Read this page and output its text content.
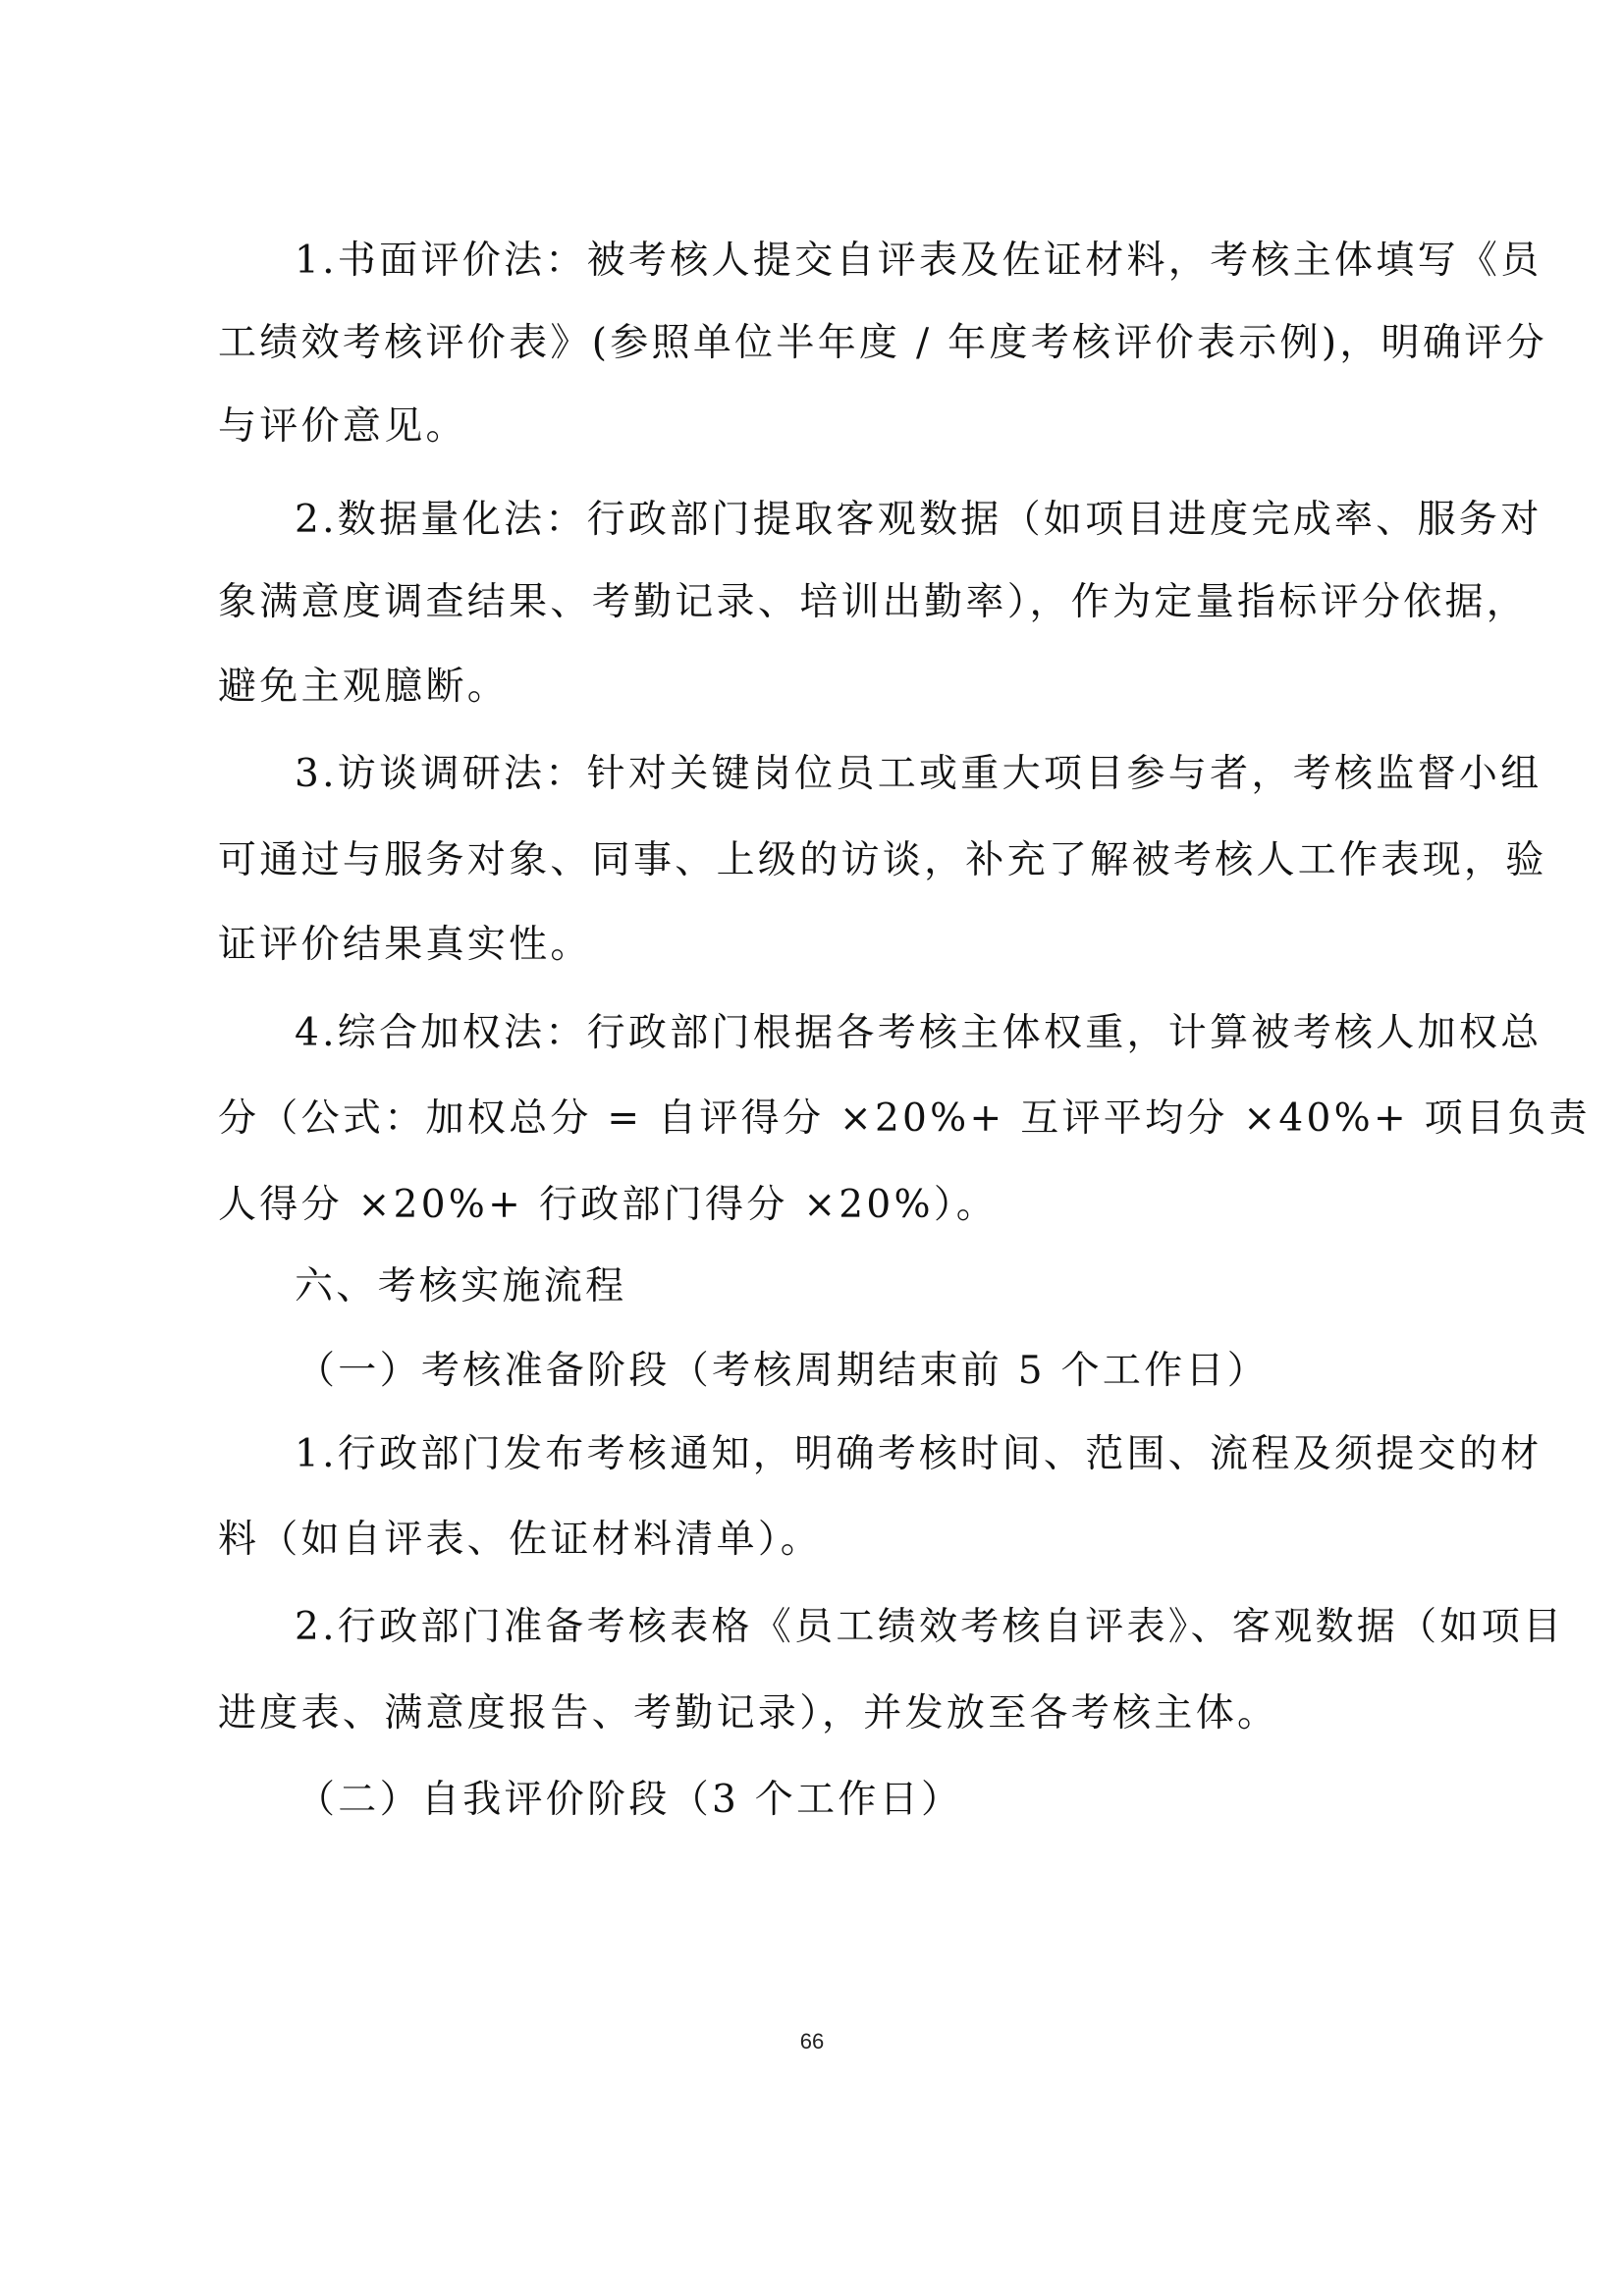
1.书面评价法：被考核人提交自评表及佐证材料，考核主体填写《员
工绩效考核评价表》(参照单位半年度 / 年度考核评价表示例)，明确评分
与评价意见。
2.数据量化法：行政部门提取客观数据（如项目进度完成率、服务对
象满意度调查结果、考勤记录、培训出勤率），作为定量指标评分依据，
避免主观臆断。
3.访谈调研法：针对关键岗位员工或重大项目参与者，考核监督小组
可通过与服务对象、同事、上级的访谈，补充了解被考核人工作表现，验
证评价结果真实性。
4.综合加权法：行政部门根据各考核主体权重，计算被考核人加权总
分（公式：加权总分 = 自评得分 ×20%+ 互评平均分 ×40%+ 项目负责
人得分 ×20%+ 行政部门得分 ×20%）。
六、考核实施流程
（一）考核准备阶段（考核周期结束前 5 个工作日）
1.行政部门发布考核通知，明确考核时间、范围、流程及须提交的材
料（如自评表、佐证材料清单）。
2.行政部门准备考核表格《员工绩效考核自评表》、客观数据（如项目
进度表、满意度报告、考勤记录），并发放至各考核主体。
（二）自我评价阶段（3 个工作日）
66
